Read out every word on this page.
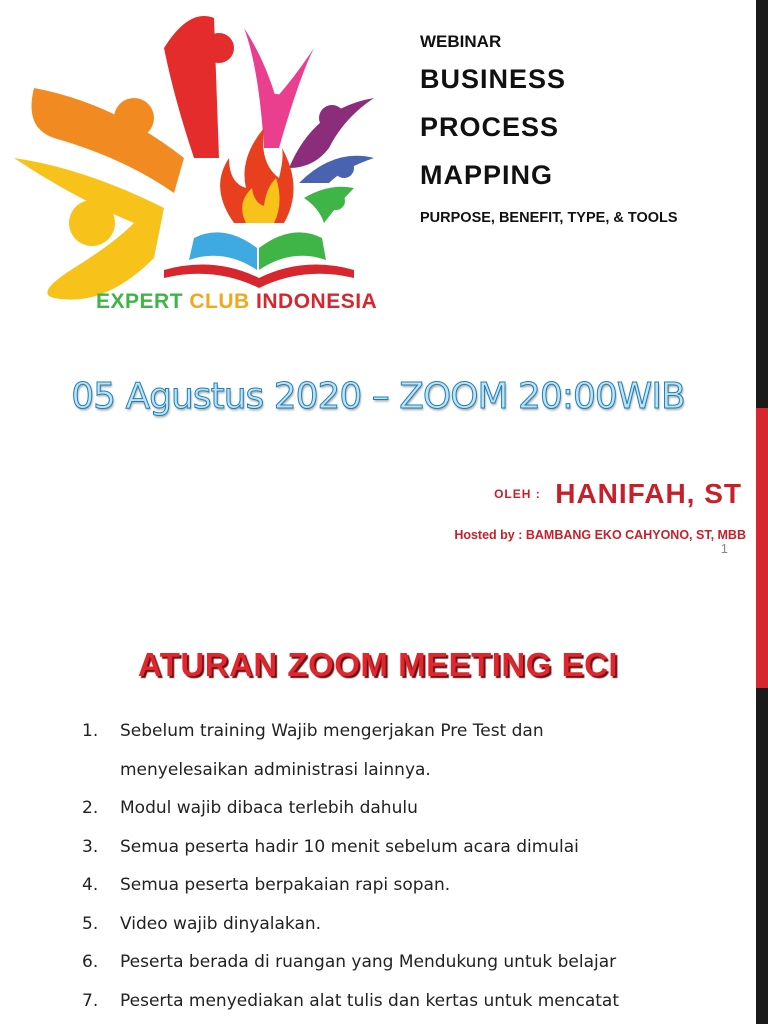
EXPERT CLUB INDONESIA
WEBINAR
BUSINESS
PROCESS
MAPPING
PURPOSE, BENEFIT, TYPE, & TOOLS
05 Agustus 2020 – ZOOM 20:00WIB
OLEH : HANIFAH, ST
Hosted by : BAMBANG EKO CAHYONO, ST, MBB
1
ATURAN ZOOM MEETING ECI
1. Sebelum training Wajib mengerjakan Pre Test dan
menyelesaikan administrasi lainnya.
2. Modul wajib dibaca terlebih dahulu
3. Semua peserta hadir 10 menit sebelum acara dimulai
4. Semua peserta berpakaian rapi sopan.
5. Video wajib dinyalakan.
6. Peserta berada di ruangan yang Mendukung untuk belajar
7. Peserta menyediakan alat tulis dan kertas untuk mencatat
